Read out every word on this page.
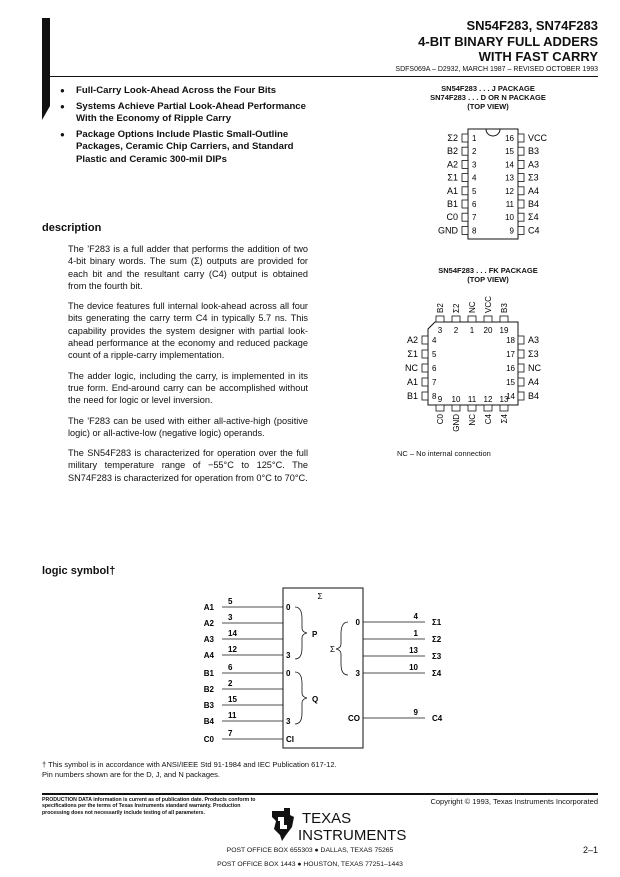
SN54F283, SN74F283
4-BIT BINARY FULL ADDERS
WITH FAST CARRY
SDFS069A – D2932, MARCH 1987 – REVISED OCTOBER 1993
● Full-Carry Look-Ahead Across the Four Bits
● Systems Achieve Partial Look-Ahead Performance With the Economy of Ripple Carry
● Package Options Include Plastic Small-Outline Packages, Ceramic Chip Carriers, and Standard Plastic and Ceramic 300-mil DIPs
description

The ’F283 is a full adder that performs the addition of two 4-bit binary words. The sum (Σ) outputs are provided for each bit and the resultant carry (C4) output is obtained from the fourth bit.

The device features full internal look-ahead across all four bits generating the carry term C4 in typically 5.7 ns. This capability provides the system designer with partial look-ahead performance at the economy and reduced package count of a ripple-carry implementation.

The adder logic, including the carry, is implemented in its true form. End-around carry can be accomplished without the need for logic or level inversion.

The ’F283 can be used with either all-active-high (positive logic) or all-active-low (negative logic) operands.

The SN54F283 is characterized for operation over the full military temperature range of −55°C to 125°C. The SN74F283 is characterized for operation from 0°C to 70°C.

SN54F283 . . . J PACKAGE
SN74F283 . . . D OR N PACKAGE
(TOP VIEW)
Σ2 1
B2 2
A2 3
Σ1 4
A1 5
B1 6
C0 7
GND 8
VCC
16
B3
15
A3
14
Σ3
13
A4
12
B4
11
Σ4
10
C4
9
SN54F283 . . . FK PACKAGE
(TOP VIEW)
B2
3
Σ2
2
NC
1
VCC
20
B3
19
A2 4
Σ1 5
NC 6
A1 7
B1 8
A3
18
Σ3
17
NC
16
A4
15
B4
14
9
C0
10
GND
11
NC
12
C4
13
Σ4
NC – No internal connection
logic symbol†
Σ
P
Q
Σ
A1
5
0
A2
3
A3
14
A4
12
3
B1
6
0
B2
2
B3
15
B4
11
3
C0
7
CI
Σ1
4
0
Σ2
1
Σ3
13
Σ4
10
3
C4
9
CO
† This symbol is in accordance with ANSI/IEEE Std 91-1984 and IEC Publication 617-12.
Pin numbers shown are for the D, J, and N packages.
PRODUCTION DATA information is current as of publication date. Products conform to specifications per the terms of Texas Instruments standard warranty. Production processing does not necessarily include testing of all parameters.
Copyright © 1993, Texas Instruments Incorporated
TEXAS
INSTRUMENTS
POST OFFICE BOX 655303 ● DALLAS, TEXAS 75265
POST OFFICE BOX 1443 ● HOUSTON, TEXAS 77251–1443
2–1
